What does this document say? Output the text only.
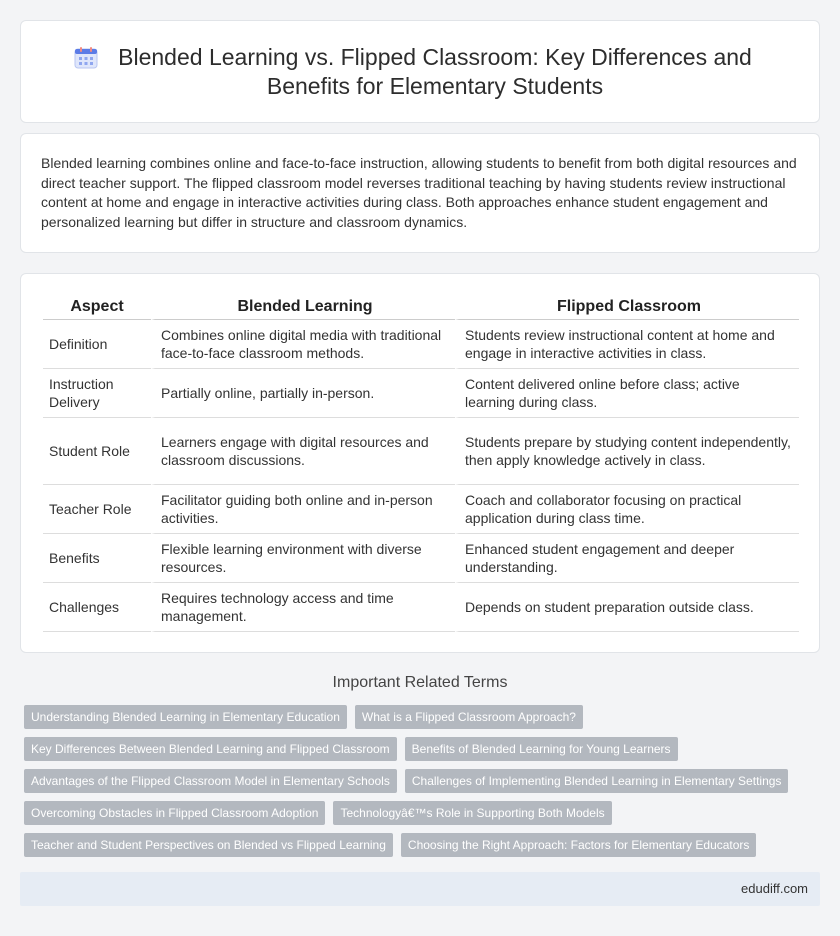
Blended Learning vs. Flipped Classroom: Key Differences and Benefits for Elementary Students

Blended learning combines online and face-to-face instruction, allowing students to benefit from both digital resources and direct teacher support. The flipped classroom model reverses traditional teaching by having students review instructional content at home and engage in interactive activities during class. Both approaches enhance student engagement and personalized learning but differ in structure and classroom dynamics.

Aspect	Blended Learning	Flipped Classroom
Definition	Combines online digital media with traditional face-to-face classroom methods.	Students review instructional content at home and engage in interactive activities in class.
Instruction Delivery	Partially online, partially in-person.	Content delivered online before class; active learning during class.
Student Role	Learners engage with digital resources and classroom discussions.	Students prepare by studying content independently, then apply knowledge actively in class.
Teacher Role	Facilitator guiding both online and in-person activities.	Coach and collaborator focusing on practical application during class time.
Benefits	Flexible learning environment with diverse resources.	Enhanced student engagement and deeper understanding.
Challenges	Requires technology access and time management.	Depends on student preparation outside class.
Important Related Terms
Understanding Blended Learning in Elementary Education	What is a Flipped Classroom Approach?
Key Differences Between Blended Learning and Flipped Classroom	Benefits of Blended Learning for Young Learners
Advantages of the Flipped Classroom Model in Elementary Schools	Challenges of Implementing Blended Learning in Elementary Settings
Overcoming Obstacles in Flipped Classroom Adoption	Technologyâ€™s Role in Supporting Both Models
Teacher and Student Perspectives on Blended vs Flipped Learning	Choosing the Right Approach: Factors for Elementary Educators
edudiff.com
